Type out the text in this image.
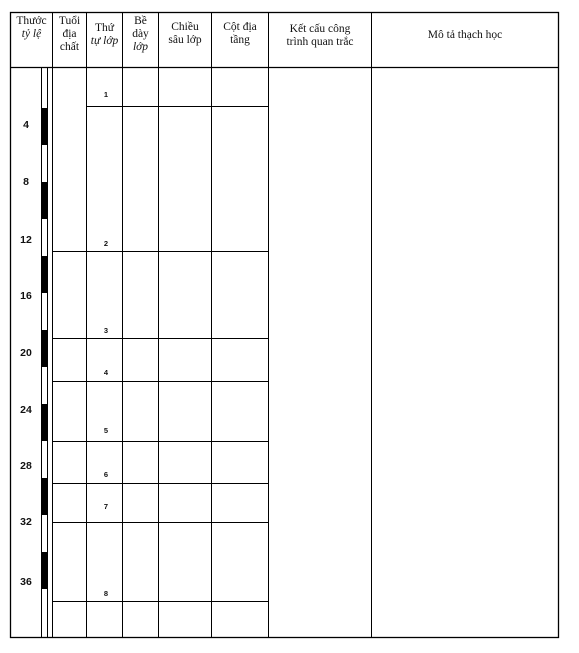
Thước
tỷ lệ
Tuổi
địa
chất
Thứ
tự lớp
Bề
dày
lớp
Chiều
sâu lớp
Cột địa
tầng
Kết cấu công
trình quan trắc
Mô tả thạch học
4
8
12
16
20
24
28
32
36
1
2
3
4
5
6
7
8
